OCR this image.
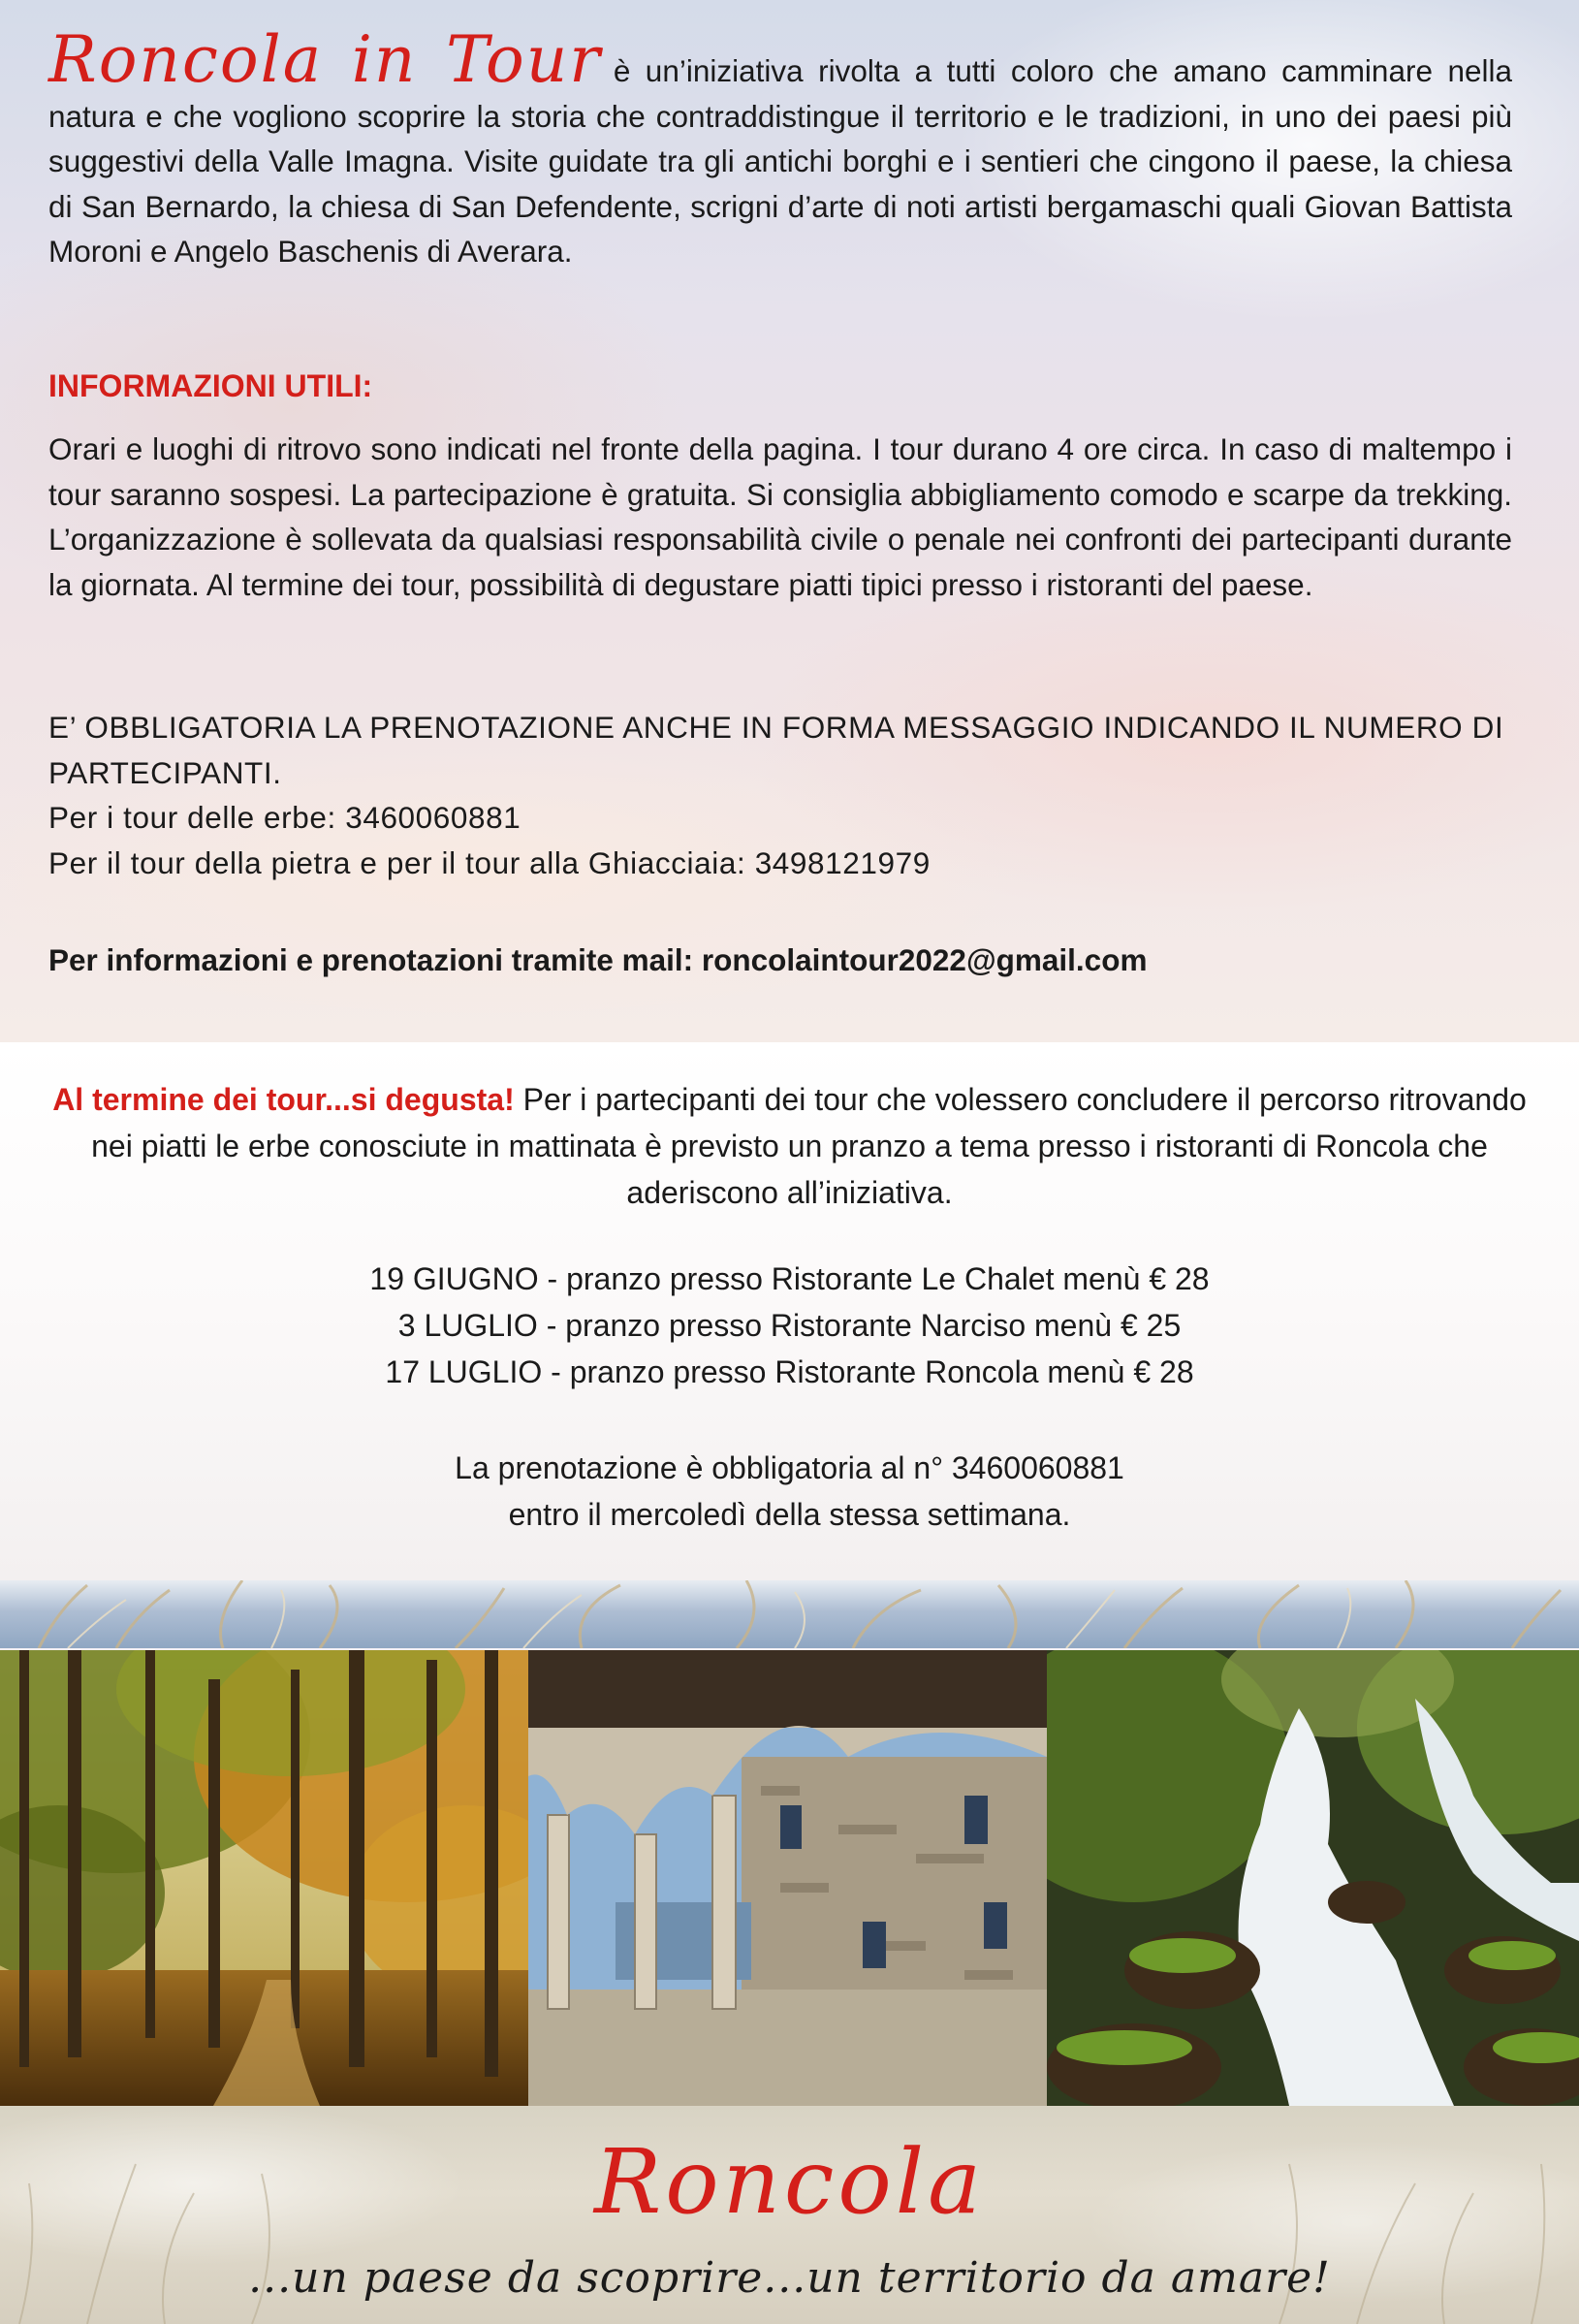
Roncola in Tour è un’iniziativa rivolta a tutti coloro che amano camminare nella natura e che vogliono scoprire la storia che contraddistingue il territorio e le tradizioni, in uno dei paesi più suggestivi della Valle Imagna. Visite guidate tra gli antichi borghi e i sentieri che cingono il paese, la chiesa di San Bernardo, la chiesa di San Defendente, scrigni d’arte di noti artisti bergamaschi quali Giovan Battista Moroni e Angelo Baschenis di Averara.
INFORMAZIONI UTILI:
Orari e luoghi di ritrovo sono indicati nel fronte della pagina. I tour durano 4 ore circa. In caso di maltempo i tour saranno sospesi. La partecipazione è gratuita. Si consiglia abbigliamento comodo e scarpe da trekking. L’organizzazione è sollevata da qualsiasi responsabilità civile o penale nei confronti dei partecipanti durante la giornata. Al termine dei tour, possibilità di degustare piatti tipici presso i ristoranti del paese.
E’ OBBLIGATORIA LA PRENOTAZIONE ANCHE IN FORMA MESSAGGIO INDICANDO IL NUMERO DI PARTECIPANTI.
Per i tour delle erbe: 3460060881
Per il tour della pietra e per il tour alla Ghiacciaia: 3498121979
Per informazioni e prenotazioni tramite mail: roncolaintour2022@gmail.com
Al termine dei tour...si degusta! Per i partecipanti dei tour che volessero concludere il percorso ritrovando nei piatti le erbe conosciute in mattinata è previsto un pranzo a tema presso i ristoranti di Roncola che aderiscono all’iniziativa.
19 GIUGNO - pranzo presso Ristorante Le Chalet menù € 28
3 LUGLIO - pranzo presso Ristorante Narciso menù € 25
17 LUGLIO - pranzo presso Ristorante Roncola menù € 28
La prenotazione è obbligatoria al n° 3460060881
entro il mercoledì della stessa settimana.
Roncola
...un paese da scoprire...un territorio da amare!
